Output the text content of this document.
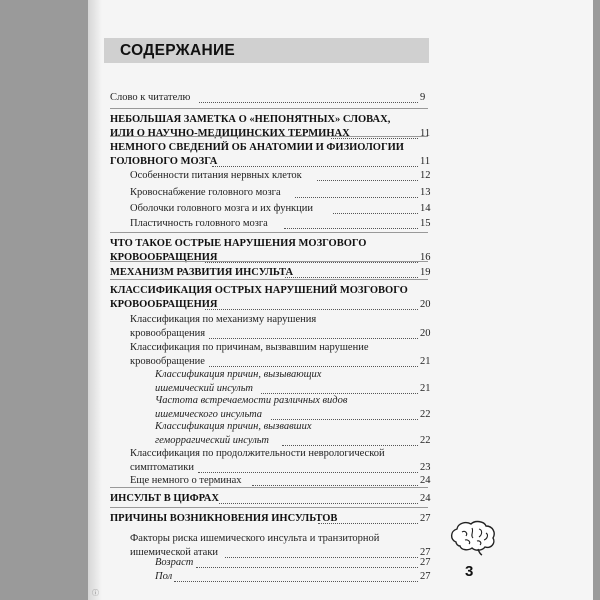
СОДЕРЖАНИЕ
Слово к читателю	9
НЕБОЛЬШАЯ ЗАМЕТКА О «НЕПОНЯТНЫХ» СЛОВАХ,
ИЛИ О НАУЧНО-МЕДИЦИНСКИХ ТЕРМИНАХ	11
НЕМНОГО СВЕДЕНИЙ ОБ АНАТОМИИ И ФИЗИОЛОГИИ
ГОЛОВНОГО МОЗГА	11
Особенности питания нервных клеток	12
Кровоснабжение головного мозга	13
Оболочки головного мозга и их функции	14
Пластичность головного мозга	15
ЧТО ТАКОЕ ОСТРЫЕ НАРУШЕНИЯ МОЗГОВОГО
КРОВООБРАЩЕНИЯ	16
МЕХАНИЗМ РАЗВИТИЯ ИНСУЛЬТА	19
КЛАССИФИКАЦИЯ ОСТРЫХ НАРУШЕНИЙ МОЗГОВОГО
КРОВООБРАЩЕНИЯ	20
Классификация по механизму нарушения
кровообращения	20
Классификация по причинам, вызвавшим нарушение
кровообращение	21
Классификация причин, вызывающих
ишемический инсульт	21
Частота встречаемости различных видов
ишемического инсульта	22
Классификация причин, вызвавших
геморрагический инсульт	22
Классификация по продолжительности неврологической
симптоматики	23
Еще немного о терминах	24
ИНСУЛЬТ В ЦИФРАХ	24
ПРИЧИНЫ ВОЗНИКНОВЕНИЯ ИНСУЛЬТОВ	27
Факторы риска ишемического инсульта и транзиторной
ишемической атаки	27
Возраст	27
Пол	27 3
ⓘ
